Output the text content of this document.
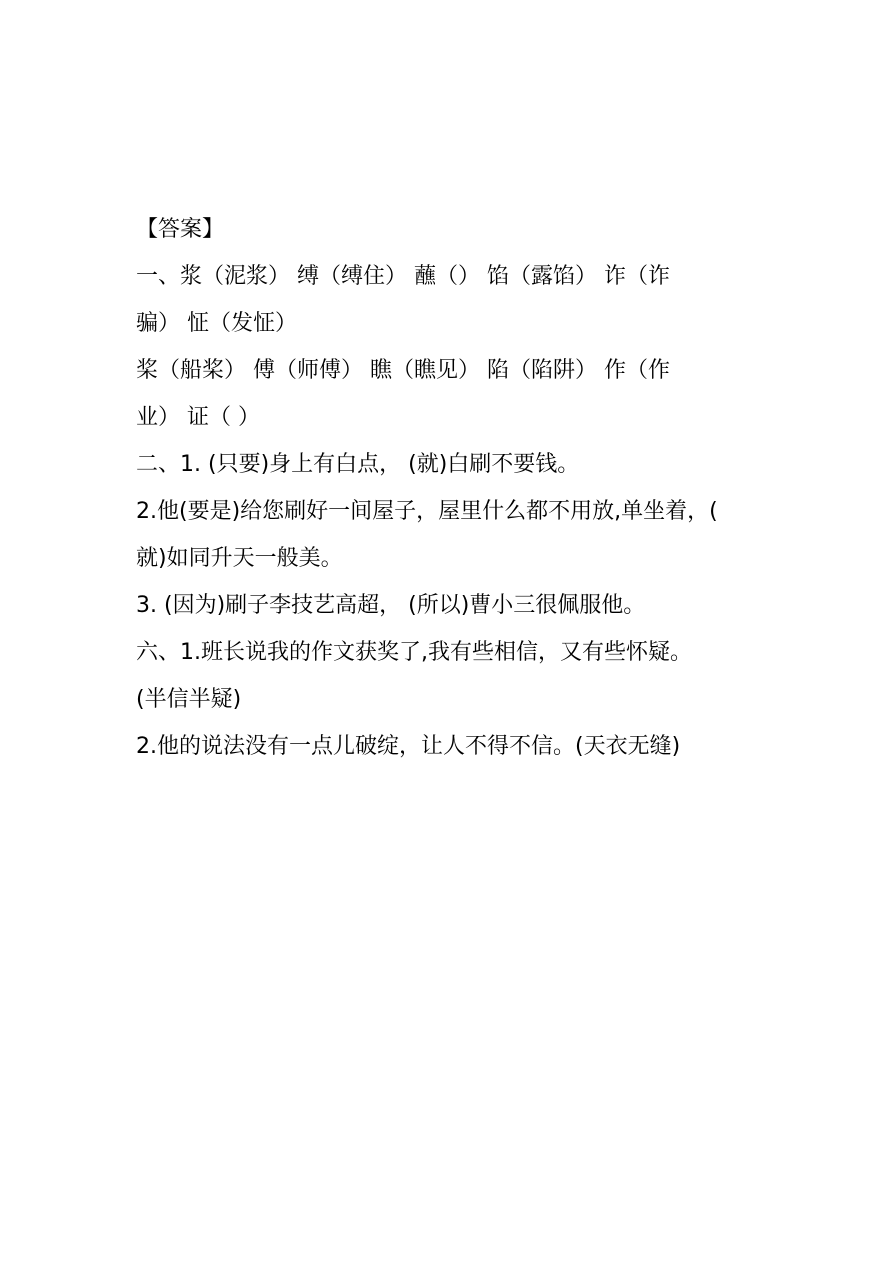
【答案】
一、浆（泥浆） 缚（缚住） 蘸（） 馅（露馅） 诈（诈
骗） 怔（发怔）
桨（船桨） 傅（师傅） 瞧（瞧见） 陷（陷阱） 作（作
业） 证（ ）
二、1. (只要)身上有白点， (就)白刷不要钱。
2.他(要是)给您刷好一间屋子，屋里什么都不用放,单坐着，(
就)如同升天一般美。
3. (因为)刷子李技艺高超， (所以)曹小三很佩服他。
六、1.班长说我的作文获奖了,我有些相信，又有些怀疑。
(半信半疑)
2.他的说法没有一点儿破绽，让人不得不信。(天衣无缝)
